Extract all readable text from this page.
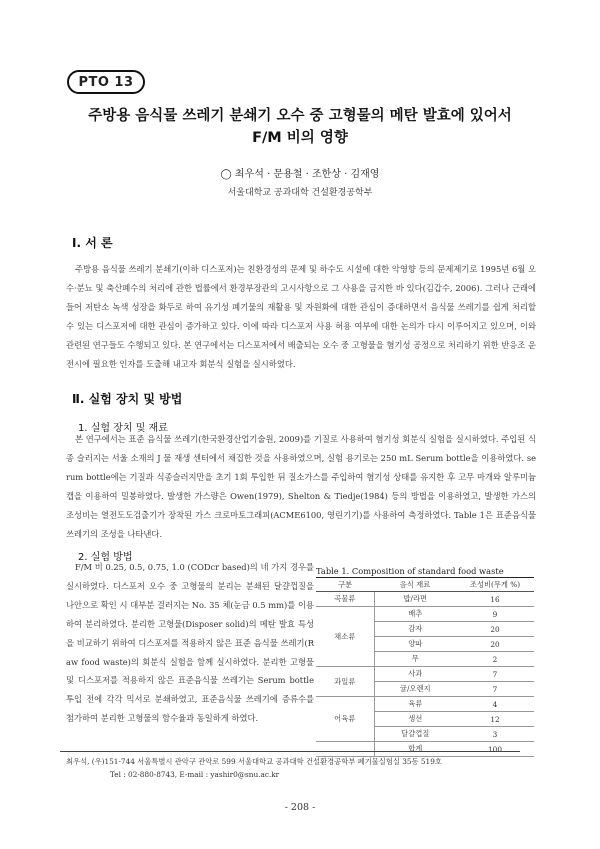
PTO 13
주방용 음식물 쓰레기 분쇄기 오수 중 고형물의 메탄 발효에 있어서
F/M 비의 영향
◯ 최우석 · 문용철 · 조한상 · 김재영
서울대학교 공과대학 건설환경공학부
Ⅰ. 서 론
주방용 음식물 쓰레기 분쇄기(이하 디스포저)는 친환경성의 문제 및 하수도 시설에 대한 악영향 등의 문제제기로 1995년 6월 오수·분뇨 및 축산폐수의 처리에 관한 법률에서 환경부장관의 고시사항으로 그 사용을 금지한 바 있다(김갑수, 2006). 그러나 근래에 들어 저탄소 녹색 성장을 화두로 하여 유기성 폐기물의 재활용 및 자원화에 대한 관심이 증대하면서 음식물 쓰레기를 쉽게 처리할 수 있는 디스포저에 대한 관심이 증가하고 있다. 이에 따라 디스포저 사용 허용 여부에 대한 논의가 다시 이루어지고 있으며, 이와 관련된 연구들도 수행되고 있다. 본 연구에서는 디스포저에서 배출되는 오수 중 고형물을 혐기성 공정으로 처리하기 위한 반응조 운전시에 필요한 인자를 도출해 내고자 회분식 실험을 실시하였다.
Ⅱ. 실험 장치 및 방법
1. 실험 장치 및 재료
본 연구에서는 표준 음식물 쓰레기(한국환경산업기술원, 2009)를 기질로 사용하여 혐기성 회분식 실험을 실시하였다. 주입된 식종 슬러지는 서울 소재의 J 물 재생 센터에서 채집한 것을 사용하였으며, 실험 용기로는 250 mL Serum bottle을 이용하였다. serum bottle에는 기질과 식종슬러지만을 초기 1회 투입한 뒤 질소가스를 주입하여 혐기성 상태를 유지한 후 고무 마개와 알루미늄 캡을 이용하여 밀봉하였다. 발생한 가스량은 Owen(1979), Shelton & Tiedje(1984) 등의 방법을 이용하였고, 발생한 가스의 조성비는 열전도도검출기가 장착된 가스 크로마토그래피(ACME6100, 영린기기)를 사용하여 측정하였다. Table 1은 표준음식물 쓰레기의 조성을 나타낸다.
2. 실험 방법
F/M 비 0.25, 0.5, 0.75, 1.0 (CODcr based)의 네 가지 경우를 실시하였다. 디스포저 오수 중 고형물의 분리는 분쇄된 달걀껍질을 나안으로 확인 시 대부분 걸러지는 No. 35 체(눈금 0.5 mm)를 이용하여 분리하였다. 분리한 고형물(Disposer solid)의 메탄 발효 특성을 비교하기 위하여 디스포저를 적용하지 않은 표준 음식물 쓰레기(Raw food waste)의 회분식 실험을 함께 실시하였다. 분리한 고형물 및 디스포저를 적용하지 않은 표준음식물 쓰레기는 Serum bottle 투입 전에 각각 믹서로 분쇄하였고, 표준음식물 쓰레기에 증류수를 첨가하여 분리한 고형물의 함수율과 동일하게 하였다.
Table 1. Composition of standard food waste
구분	음식 재료	조성비(무게 %)
곡물류	밥/라면	16
채소류	배추	9
	감자	20
	양파	20
	무	2
과일류	사과	7
	귤/오렌지	7
어육류	육류	4
	생선	12
	달걀껍질	3
	합계	100
최우석, (우)151-744 서울특별시 관악구 관악로 599 서울대학교 공과대학 건설환경공학부 폐기물실험실 35동 519호
Tel : 02-880-8743, E-mail : yashir0@snu.ac.kr
- 208 -
